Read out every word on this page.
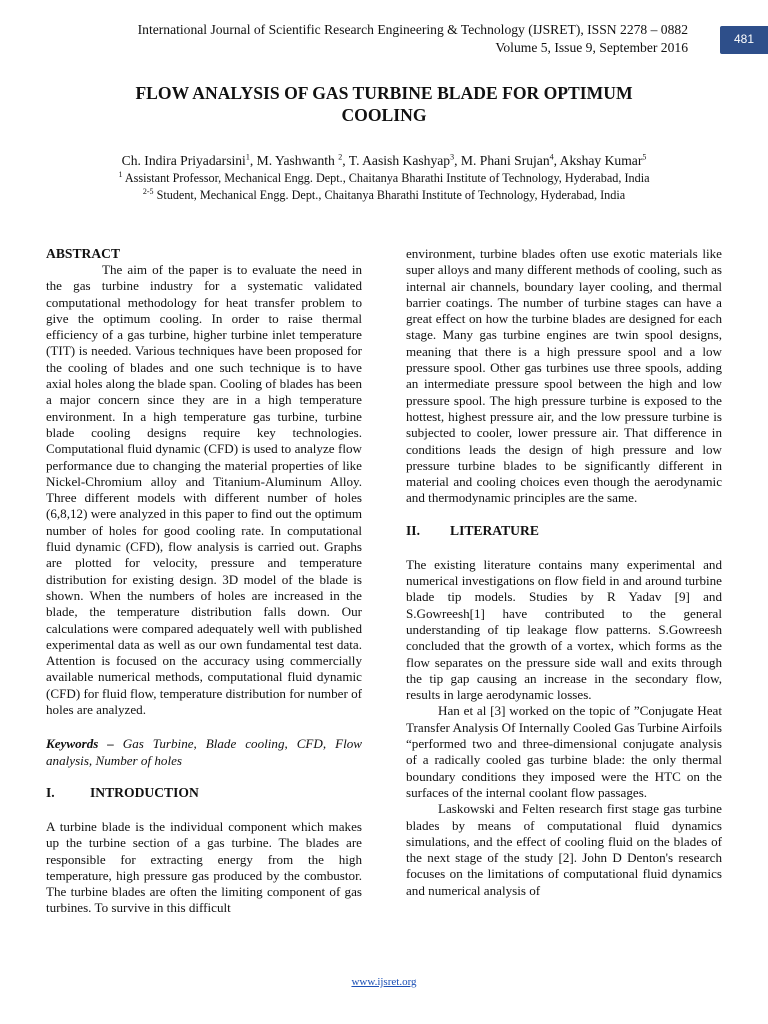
International Journal of Scientific Research Engineering & Technology (IJSRET), ISSN 2278 – 0882
Volume 5, Issue 9, September 2016
481
FLOW ANALYSIS OF GAS TURBINE BLADE FOR OPTIMUM
COOLING
Ch. Indira Priyadarsini$^1$, M. Yashwanth $^2$, T. Aasish Kashyap$^3$, M. Phani Srujan$^4$, Akshay Kumar$^5$
$^1$ Assistant Professor, Mechanical Engg. Dept., Chaitanya Bharathi Institute of Technology, Hyderabad, India
$^{2-5}$ Student, Mechanical Engg. Dept., Chaitanya Bharathi Institute of Technology, Hyderabad, India
ABSTRACT

The aim of the paper is to evaluate the need in the gas turbine industry for a systematic validated computational methodology for heat transfer problem to give the optimum cooling. In order to raise thermal efficiency of a gas turbine, higher turbine inlet temperature (TIT) is needed. Various techniques have been proposed for the cooling of blades and one such technique is to have axial holes along the blade span. Cooling of blades has been a major concern since they are in a high temperature environment. In a high temperature gas turbine, turbine blade cooling designs require key technologies. Computational fluid dynamic (CFD) is used to analyze flow performance due to changing the material properties of like Nickel-Chromium alloy and Titanium-Aluminum Alloy. Three different models with different number of holes (6,8,12) were analyzed in this paper to find out the optimum number of holes for good cooling rate. In computational fluid dynamic (CFD), flow analysis is carried out. Graphs are plotted for velocity, pressure and temperature distribution for existing design. 3D model of the blade is shown. When the numbers of holes are increased in the blade, the temperature distribution falls down. Our calculations were compared adequately well with published experimental data as well as our own fundamental test data. Attention is focused on the accuracy using commercially available numerical methods, computational fluid dynamic (CFD) for fluid flow, temperature distribution for number of holes are analyzed.

Keywords – Gas Turbine, Blade cooling, CFD, Flow analysis, Number of holes

I.	INTRODUCTION

A turbine blade is the individual component which makes up the turbine section of a gas turbine. The blades are responsible for extracting energy from the high temperature, high pressure gas produced by the combustor. The turbine blades are often the limiting component of gas turbines. To survive in this difficult

environment, turbine blades often use exotic materials like super alloys and many different methods of cooling, such as internal air channels, boundary layer cooling, and thermal barrier coatings. The number of turbine stages can have a great effect on how the turbine blades are designed for each stage. Many gas turbine engines are twin spool designs, meaning that there is a high pressure spool and a low pressure spool. Other gas turbines use three spools, adding an intermediate pressure spool between the high and low pressure spool. The high pressure turbine is exposed to the hottest, highest pressure air, and the low pressure turbine is subjected to cooler, lower pressure air. That difference in conditions leads the design of high pressure and low pressure turbine blades to be significantly different in material and cooling choices even though the aerodynamic and thermodynamic principles are the same.

II. LITERATURE

The existing literature contains many experimental and numerical investigations on flow field in and around turbine blade tip models. Studies by R Yadav [9] and S.Gowreesh[1] have contributed to the general understanding of tip leakage flow patterns. S.Gowreesh concluded that the growth of a vortex, which forms as the flow separates on the pressure side wall and exits through the tip gap causing an increase in the secondary flow, results in large aerodynamic losses.

Han et al [3] worked on the topic of ”Conjugate Heat Transfer Analysis Of Internally Cooled Gas Turbine Airfoils “performed two and three-dimensional conjugate analysis of a radically cooled gas turbine blade: the only thermal boundary conditions they imposed were the HTC on the surfaces of the internal coolant flow passages.

Laskowski and Felten research first stage gas turbine blades by means of computational fluid dynamics simulations, and the effect of cooling fluid on the blades of the next stage of the study [2]. John D Denton's research focuses on the limitations of computational fluid dynamics and numerical analysis of

www.ijsret.org
